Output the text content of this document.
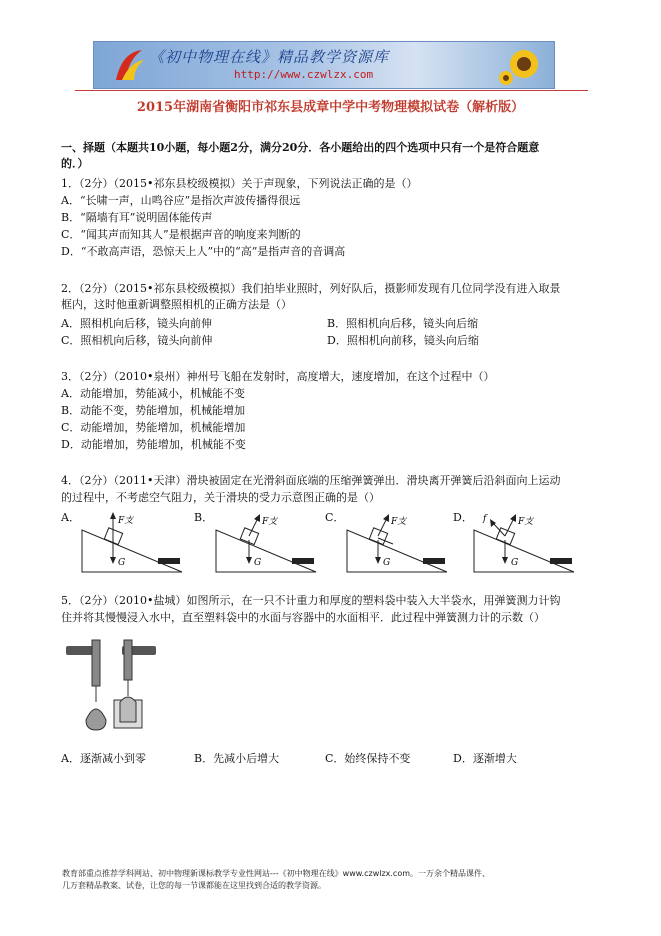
《初中物理在线》精品教学资源库
http://www.czwlzx.com
2015年湖南省衡阳市祁东县成章中学中考物理模拟试卷（解析版）
一、择题（本题共10小题，每小题2分，满分20分．各小题给出的四个选项中只有一个是符合题意
的．）
1．（2分）（2015•祁东县校级模拟）关于声现象，下列说法正确的是（）
A．“长啸一声，山鸣谷应”是指次声波传播得很远
B．“隔墙有耳”说明固体能传声
C．“闻其声而知其人”是根据声音的响度来判断的
D．“不敢高声语，恐惊天上人”中的“高”是指声音的音调高
2．（2分）（2015•祁东县校级模拟）我们拍毕业照时，列好队后，摄影师发现有几位同学没有进入取景
框内，这时他重新调整照相机的正确方法是（）
A．照相机向后移，镜头向前伸	B．照相机向后移，镜头向后缩
C．照相机向后移，镜头向前伸	D．照相机向前移，镜头向后缩
3．（2分）（2010•泉州）神州号飞船在发射时，高度增大，速度增加，在这个过程中（）
A．动能增加，势能减小，机械能不变
B．动能不变，势能增加，机械能增加
C．动能增加，势能增加，机械能增加
D．动能增加，势能增加，机械能不变
4．（2分）（2011•天津）滑块被固定在光滑斜面底端的压缩弹簧弹出．滑块离开弹簧后沿斜面向上运动
的过程中，不考虑空气阻力，关于滑块的受力示意图正确的是（）
A．	F支
G
B．	F支
G
C．	F支
G
D． f	F支
G
5．（2分）（2010•盐城）如图所示，在一只不计重力和厚度的塑料袋中装入大半袋水，用弹簧测力计钩
住并将其慢慢浸入水中，直至塑料袋中的水面与容器中的水面相平．此过程中弹簧测力计的示数（）
A．逐渐减小到零	B．先减小后增大	C．始终保持不变	D．逐渐增大
教育部重点推荐学科网站、初中物理新课标教学专业性网站---《初中物理在线》www.czwlzx.com。一万余个精品课件、
几万套精品教案、试卷，让您的每一节课都能在这里找到合适的教学资源。
